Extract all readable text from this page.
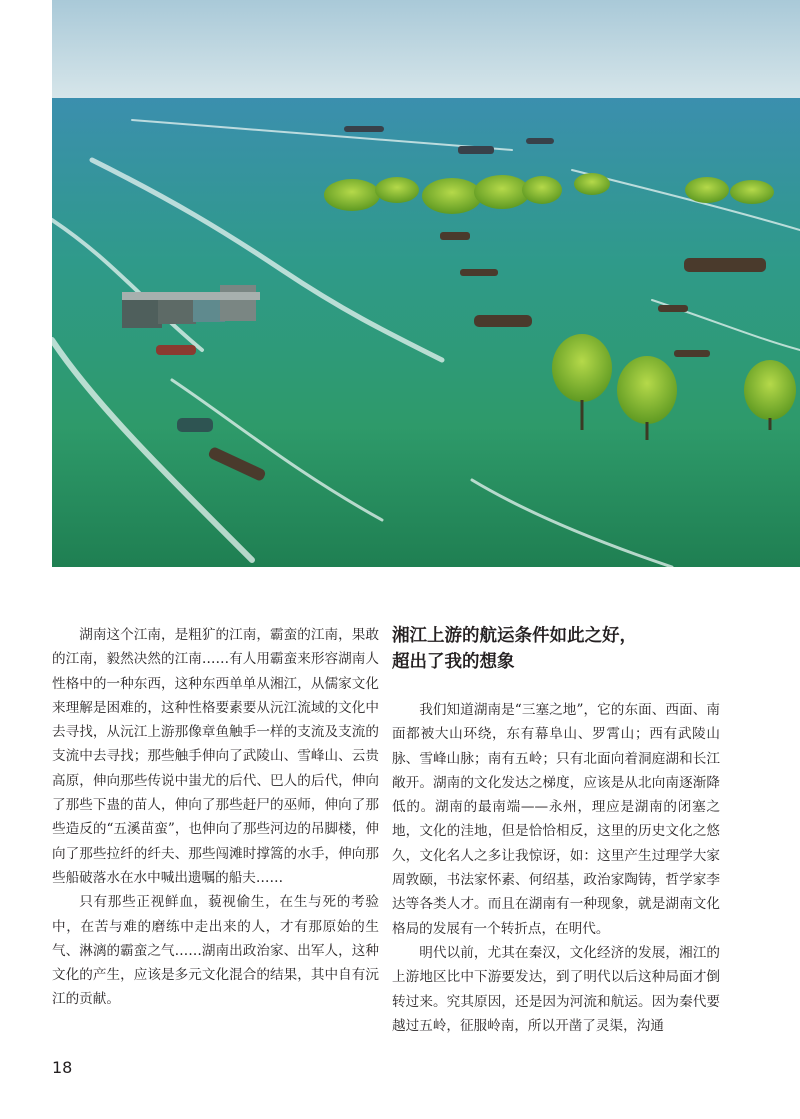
湖南这个江南，是粗犷的江南，霸蛮的江南，果敢的江南，毅然决然的江南……有人用霸蛮来形容湖南人性格中的一种东西，这种东西单单从湘江，从儒家文化来理解是困难的，这种性格要素要从沅江流域的文化中去寻找，从沅江上游那像章鱼触手一样的支流及支流的支流中去寻找；那些触手伸向了武陵山、雪峰山、云贵高原，伸向那些传说中蚩尤的后代、巴人的后代，伸向了那些下蛊的苗人，伸向了那些赶尸的巫师，伸向了那些造反的“五溪苗蛮”，也伸向了那些河边的吊脚楼，伸向了那些拉纤的纤夫、那些闯滩时撑篙的水手，伸向那些船破落水在水中喊出遗嘱的船夫……

只有那些正视鲜血，藐视偷生，在生与死的考验中，在苦与难的磨练中走出来的人，才有那原始的生气、淋漓的霸蛮之气……湖南出政治家、出军人，这种文化的产生，应该是多元文化混合的结果，其中自有沅江的贡献。

湘江上游的航运条件如此之好，
超出了我的想象

我们知道湖南是“三塞之地”，它的东面、西面、南面都被大山环绕，东有幕阜山、罗霄山；西有武陵山脉、雪峰山脉；南有五岭；只有北面向着洞庭湖和长江敞开。湖南的文化发达之梯度，应该是从北向南逐渐降低的。湖南的最南端——永州，理应是湖南的闭塞之地，文化的洼地，但是恰恰相反，这里的历史文化之悠久，文化名人之多让我惊讶，如：这里产生过理学大家周敦颐，书法家怀素、何绍基，政治家陶铸，哲学家李达等各类人才。而且在湖南有一种现象，就是湖南文化格局的发展有一个转折点，在明代。

明代以前，尤其在秦汉，文化经济的发展，湘江的上游地区比中下游要发达，到了明代以后这种局面才倒转过来。究其原因，还是因为河流和航运。因为秦代要越过五岭，征服岭南，所以开凿了灵渠，沟通

18
